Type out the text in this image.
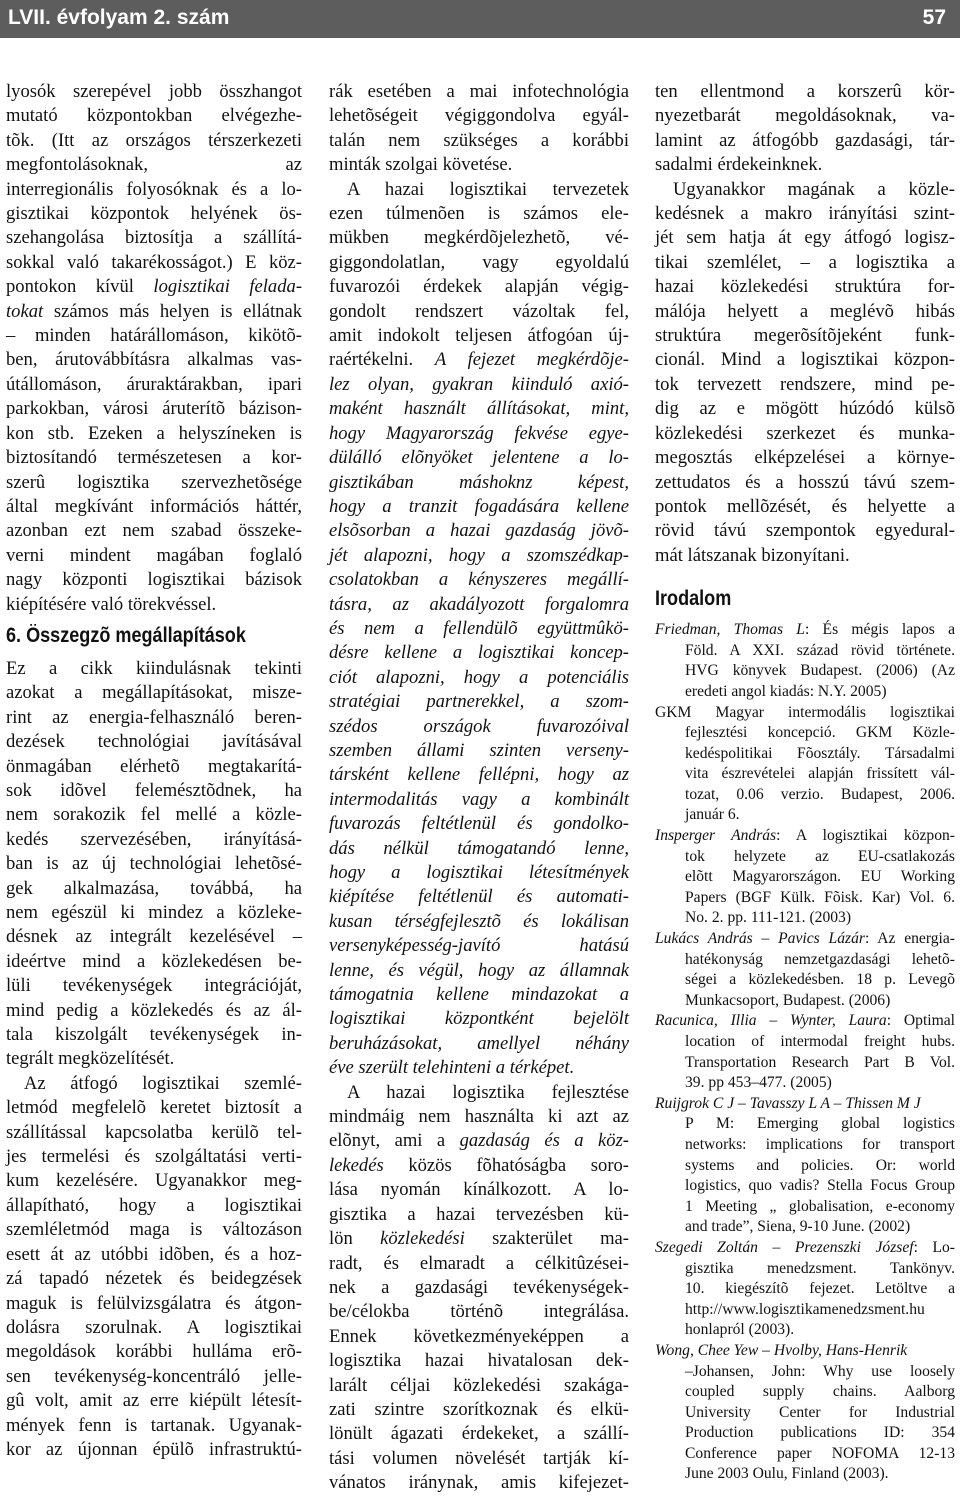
LVII. évfolyam 2. szám	57
lyosók szerepével jobb összhangot
mutató központokban elvégezhe-
tõk. (Itt az országos térszerkezeti
megfontolásoknak, az
interregionális folyosóknak és a lo-
gisztikai központok helyének ös-
szehangolása biztosítja a szállítá-
sokkal való takarékosságot.) E köz-
pontokon kívül logisztikai felada-
tokat számos más helyen is ellátnak
– minden határállomáson, kikötõ-
ben, árutovábbításra alkalmas vas-
útállomáson, áruraktárakban, ipari
parkokban, városi áruterítõ bázison-
kon stb. Ezeken a helyszíneken is
biztosítandó természetesen a kor-
szerû logisztika szervezhetõsége
által megkívánt információs háttér,
azonban ezt nem szabad összeke-
verni mindent magában foglaló
nagy központi logisztikai bázisok
kiépítésére való törekvéssel.
6. Összegzõ megállapítások
Ez a cikk kiindulásnak tekinti
azokat a megállapításokat, misze-
rint az energia-felhasználó beren-
dezések technológiai javításával
önmagában elérhetõ megtakarítá-
sok idõvel felemésztõdnek, ha
nem sorakozik fel mellé a közle-
kedés szervezésében, irányításá-
ban is az új technológiai lehetõsé-
gek alkalmazása, továbbá, ha
nem egészül ki mindez a közleke-
désnek az integrált kezelésével –
ideértve mind a közlekedésen be-
lüli tevékenységek integrációját,
mind pedig a közlekedés és az ál-
tala kiszolgált tevékenységek in-
tegrált megközelítését.
Az átfogó logisztikai szemlé-
letmód megfelelõ keretet biztosít a
szállítással kapcsolatba kerülõ tel-
jes termelési és szolgáltatási verti-
kum kezelésére. Ugyanakkor meg-
állapítható, hogy a logisztikai
szemléletmód maga is változáson
esett át az utóbbi idõben, és a hoz-
zá tapadó nézetek és beidegzések
maguk is felülvizsgálatra és átgon-
dolásra szorulnak. A logisztikai
megoldások korábbi hulláma erõ-
sen tevékenység-koncentráló jelle-
gû volt, amit az erre kiépült létesít-
mények fenn is tartanak. Ugyanak-
kor az újonnan épülõ infrastruktú-
rák esetében a mai infotechnológia
lehetõségeit végiggondolva egyál-
talán nem szükséges a korábbi
minták szolgai követése.
A hazai logisztikai tervezetek
ezen túlmenõen is számos ele-
mükben megkérdõjelezhetõ, vé-
giggondolatlan, vagy egyoldalú
fuvarozói érdekek alapján végig-
gondolt rendszert vázoltak fel,
amit indokolt teljesen átfogóan új-
raértékelni. A fejezet megkérdõje-
lez olyan, gyakran kiinduló axió-
maként használt állításokat, mint,
hogy Magyarország fekvése egye-
dülálló elõnyöket jelentene a lo-
gisztikában máshoknz képest,
hogy a tranzit fogadására kellene
elsõsorban a hazai gazdaság jövõ-
jét alapozni, hogy a szomszédkap-
csolatokban a kényszeres megállí-
tásra, az akadályozott forgalomra
és nem a fellendülõ együttmûkö-
désre kellene a logisztikai koncep-
ciót alapozni, hogy a potenciális
stratégiai partnerekkel, a szom-
szédos országok fuvarozóival
szemben állami szinten verseny-
társként kellene fellépni, hogy az
intermodalitás vagy a kombinált
fuvarozás feltétlenül és gondolko-
dás nélkül támogatandó lenne,
hogy a logisztikai létesítmények
kiépítése feltétlenül és automati-
kusan térségfejlesztõ és lokálisan
versenyképesség-javító hatású
lenne, és végül, hogy az államnak
támogatnia kellene mindazokat a
logisztikai központként bejelölt
beruházásokat, amellyel néhány
éve szerült telehinteni a térképet.
A hazai logisztika fejlesztése
mindmáig nem használta ki azt az
elõnyt, ami a gazdaság és a köz-
lekedés közös fõhatóságba soro-
lása nyomán kínálkozott. A lo-
gisztika a hazai tervezésben kü-
lön közlekedési szakterület ma-
radt, és elmaradt a célkitûzései-
nek a gazdasági tevékenységek-
be/célokba történõ integrálása.
Ennek következményeképpen a
logisztika hazai hivatalosan dek-
larált céljai közlekedési szakága-
zati szintre szorítkoznak és elkü-
lönült ágazati érdekeket, a szállí-
tási volumen növelését tartják kí-
vánatos iránynak, amis kifejezet-
ten ellentmond a korszerû kör-
nyezetbarát megoldásoknak, va-
lamint az átfogóbb gazdasági, tár-
sadalmi érdekeinknek.
Ugyanakkor magának a közle-
kedésnek a makro irányítási szint-
jét sem hatja át egy átfogó logisz-
tikai szemlélet, – a logisztika a
hazai közlekedési struktúra for-
málója helyett a meglévõ hibás
struktúra megerõsítõjeként funk-
cionál. Mind a logisztikai közpon-
tok tervezett rendszere, mind pe-
dig az e mögött húzódó külsõ
közlekedési szerkezet és munka-
megosztás elképzelései a környe-
zettudatos és a hosszú távú szem-
pontok mellõzését, és helyette a
rövid távú szempontok egyedural-
mát látszanak bizonyítani.
Irodalom
Friedman, Thomas L: És mégis lapos a
Föld. A XXI. század rövid története.
HVG könyvek Budapest. (2006) (Az
eredeti angol kiadás: N.Y. 2005)
GKM Magyar intermodális logisztikai
fejlesztési koncepció. GKM Közle-
kedéspolitikai Fõosztály. Társadalmi
vita észrevételei alapján frissített vál-
tozat, 0.06 verzio. Budapest, 2006.
január 6.
Insperger András: A logisztikai közpon-
tok helyzete az EU-csatlakozás
elõtt Magyarországon. EU Working
Papers (BGF Külk. Fõisk. Kar) Vol. 6.
No. 2. pp. 111-121. (2003)
Lukács András – Pavics Lázár: Az energia-
hatékonyság nemzetgazdasági lehetõ-
ségei a közlekedésben. 18 p. Levegõ
Munkacsoport, Budapest. (2006)
Racunica, Illia – Wynter, Laura: Optimal
location of intermodal freight hubs.
Transportation Research Part B Vol.
39. pp 453–477. (2005)
Ruijgrok C J – Tavasszy L A – Thissen M J
P M: Emerging global logistics
networks: implications for transport
systems and policies. Or: world
logistics, quo vadis? Stella Focus Group
1 Meeting „ globalisation, e-economy
and trade”, Siena, 9-10 June. (2002)
Szegedi Zoltán – Prezenszki József: Lo-
gisztika menedzsment. Tankönyv.
10. kiegészítõ fejezet. Letöltve a
http://www.logisztikamenedzsment.hu
honlapról (2003).
Wong, Chee Yew – Hvolby, Hans-Henrik
–Johansen, John: Why use loosely
coupled supply chains. Aalborg
University Center for Industrial
Production publications ID: 354
Conference paper NOFOMA 12-13
June 2003 Oulu, Finland (2003).
